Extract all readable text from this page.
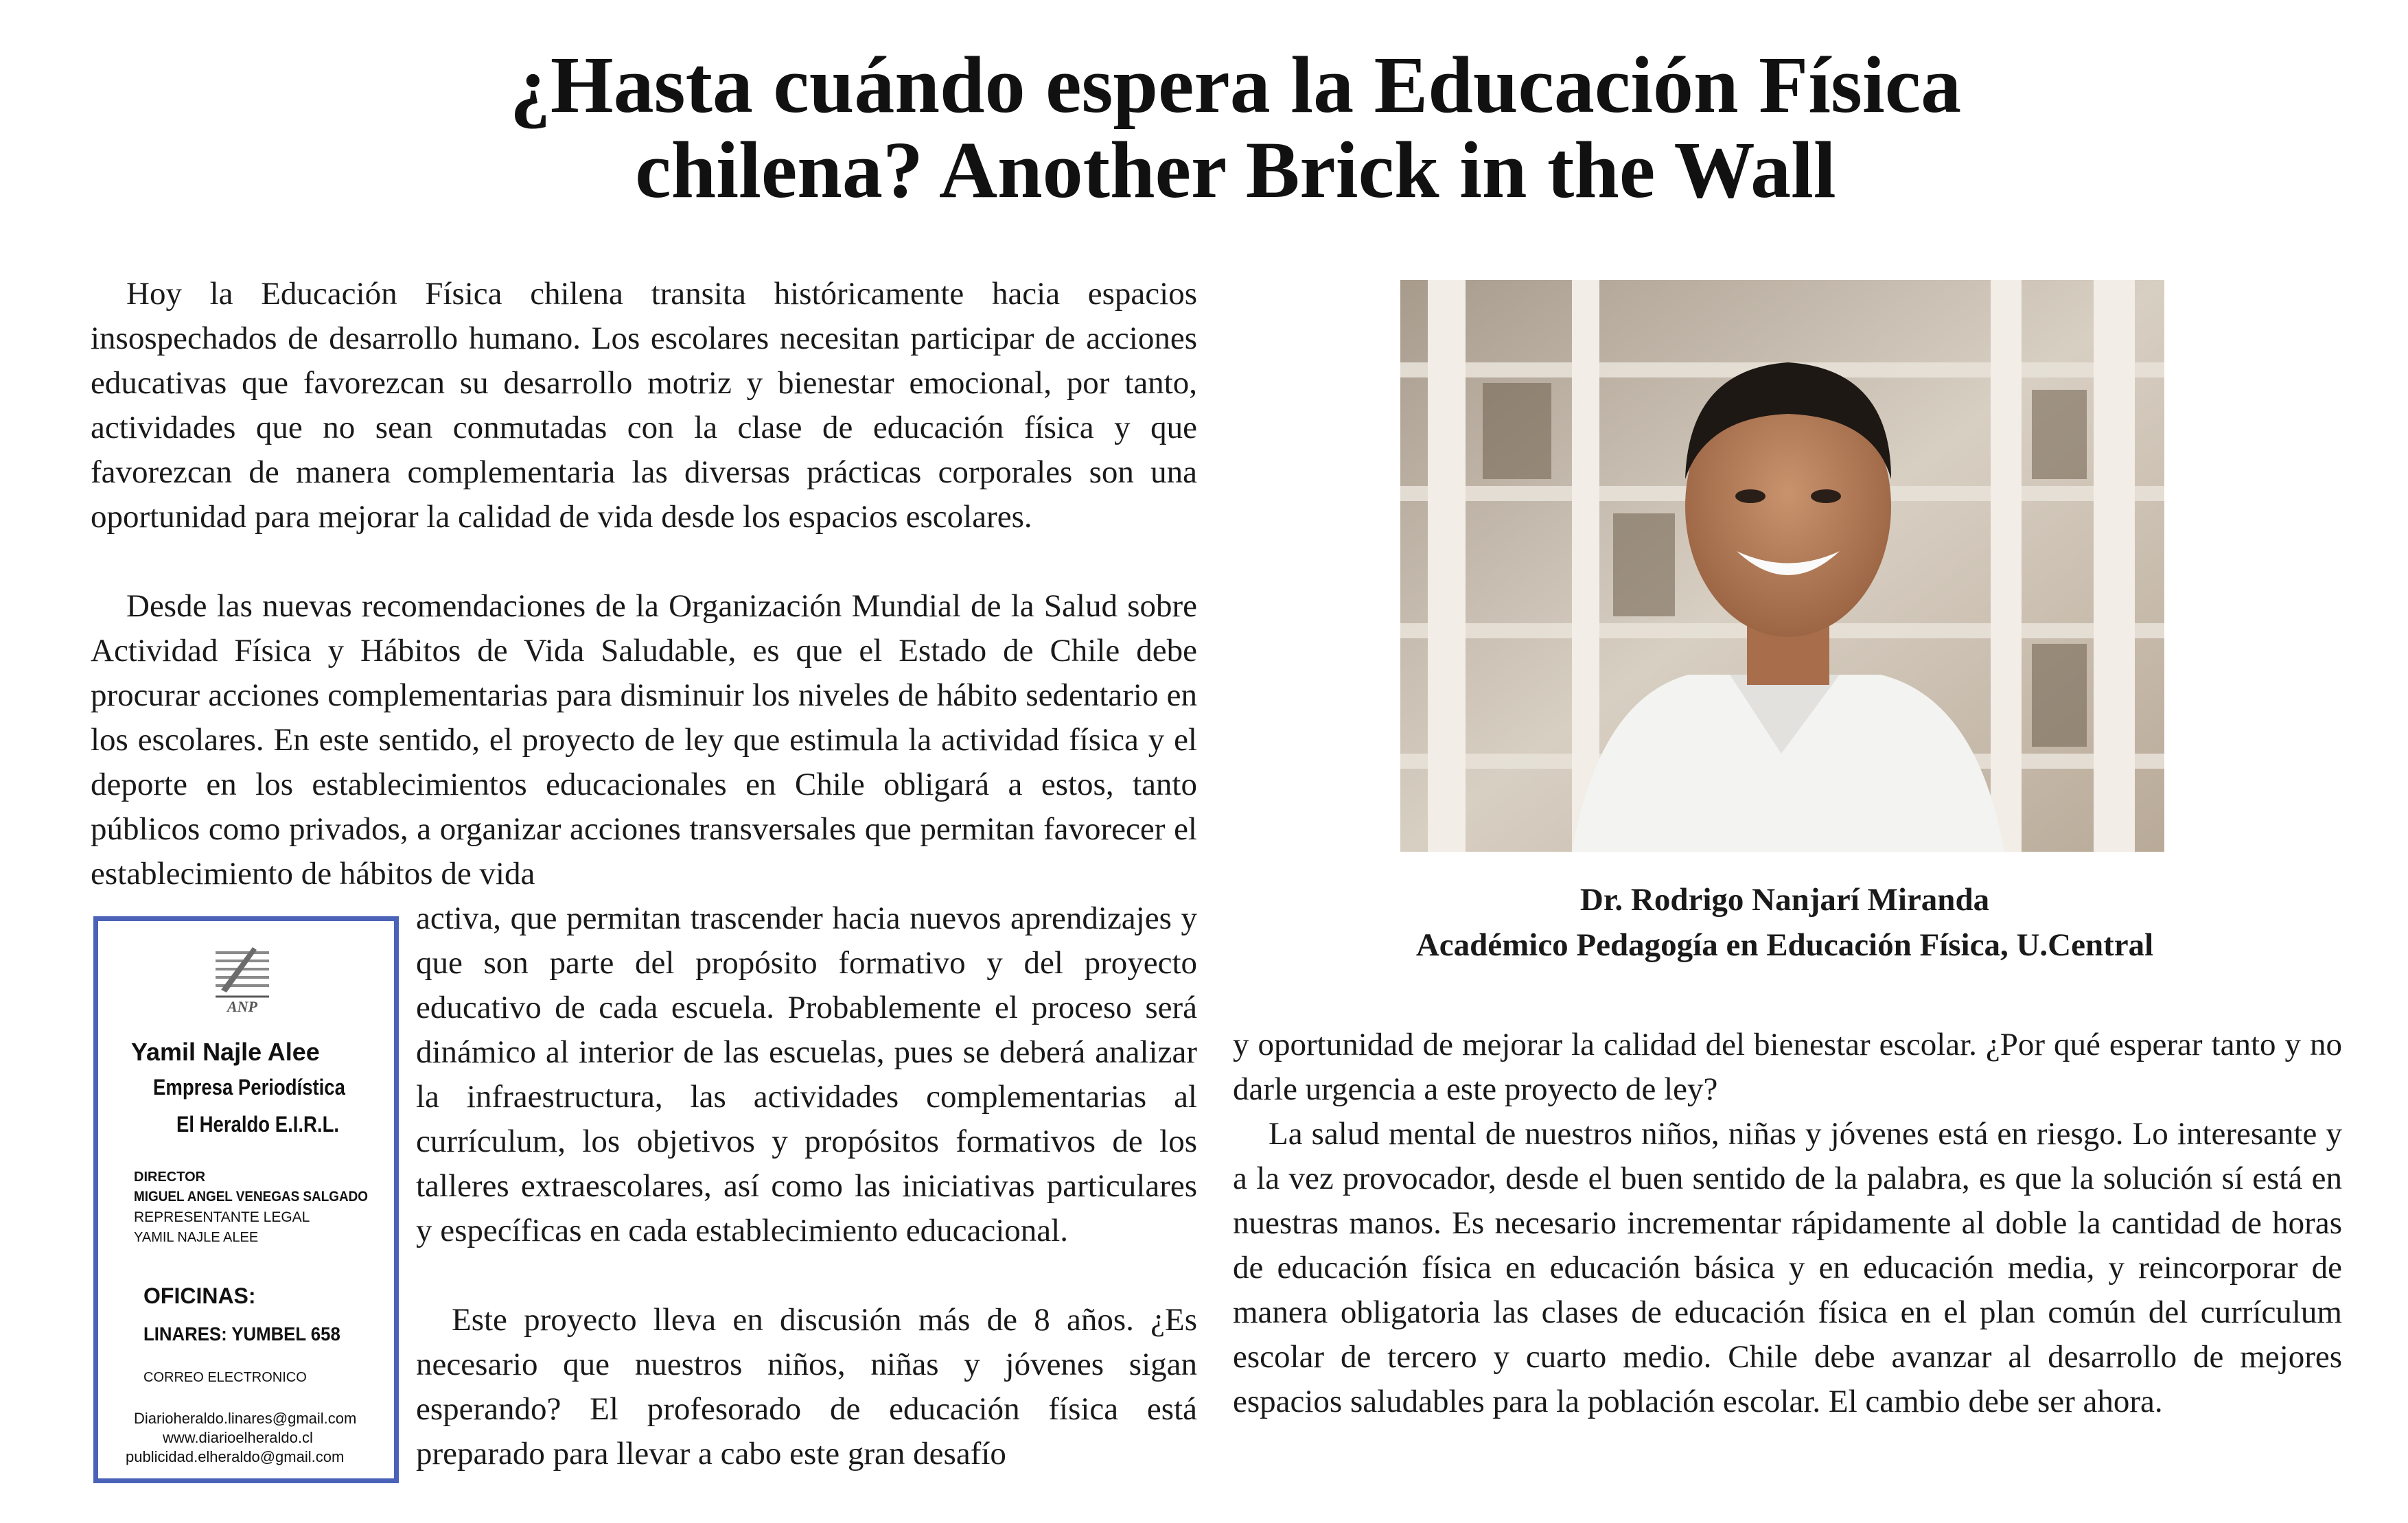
¿Hasta cuándo espera la Educación Física
chilena? Another Brick in the Wall

Hoy la Educación Física chilena transita históricamente hacia espacios insospechados de desarrollo humano. Los escolares necesitan participar de acciones educativas que favorezcan su desarrollo motriz y bienestar emocional, por tanto, actividades que no sean conmutadas con la clase de educación física y que favorezcan de manera complementaria las diversas prácticas corporales son una oportunidad para mejorar la calidad de vida desde los espacios escolares.

Desde las nuevas recomendaciones de la Organización Mundial de la Salud sobre Actividad Física y Hábitos de Vida Saludable, es que el Estado de Chile debe procurar acciones complementarias para disminuir los niveles de hábito sedentario en los escolares. En este sentido, el proyecto de ley que estimula la actividad física y el deporte en los establecimientos educacionales en Chile obligará a estos, tanto públicos como privados, a organizar acciones transversales que permitan favorecer el establecimiento de hábitos de vida

activa, que permitan trascender hacia nuevos aprendizajes y que son parte del propósito formativo y del proyecto educativo de cada escuela. Probablemente el proceso será dinámico al interior de las escuelas, pues se deberá analizar la infraestructura, las actividades complementarias al currículum, los objetivos y propósitos formativos de los talleres extraescolares, así como las iniciativas particulares y específicas en cada establecimiento educacional.

Este proyecto lleva en discusión más de 8 años. ¿Es necesario que nuestros niños, niñas y jóvenes sigan esperando? El profesorado de educación física está preparado para llevar a cabo este gran desafío

Dr. Rodrigo Nanjarí Miranda
Académico Pedagogía en Educación Física, U.Central

y oportunidad de mejorar la calidad del bienestar escolar. ¿Por qué esperar tanto y no darle urgencia a este proyecto de ley?

La salud mental de nuestros niños, niñas y jóvenes está en riesgo. Lo interesante y a la vez provocador, desde el buen sentido de la palabra, es que la solución sí está en nuestras manos. Es necesario incrementar rápidamente al doble la cantidad de horas de educación física en educación básica y en educación media, y reincorporar de manera obligatoria las clases de educación física en el plan común del currículum escolar de tercero y cuarto medio. Chile debe avanzar al desarrollo de mejores espacios saludables para la población escolar. El cambio debe ser ahora.

ANP
Yamil Najle Alee
Empresa Periodística
El Heraldo E.I.R.L.
DIRECTOR
MIGUEL ANGEL VENEGAS SALGADO
REPRESENTANTE LEGAL
YAMIL NAJLE ALEE
OFICINAS:
LINARES: YUMBEL 658
CORREO ELECTRONICO
Diarioheraldo.linares@gmail.com
www.diarioelheraldo.cl
publicidad.elheraldo@gmail.com
